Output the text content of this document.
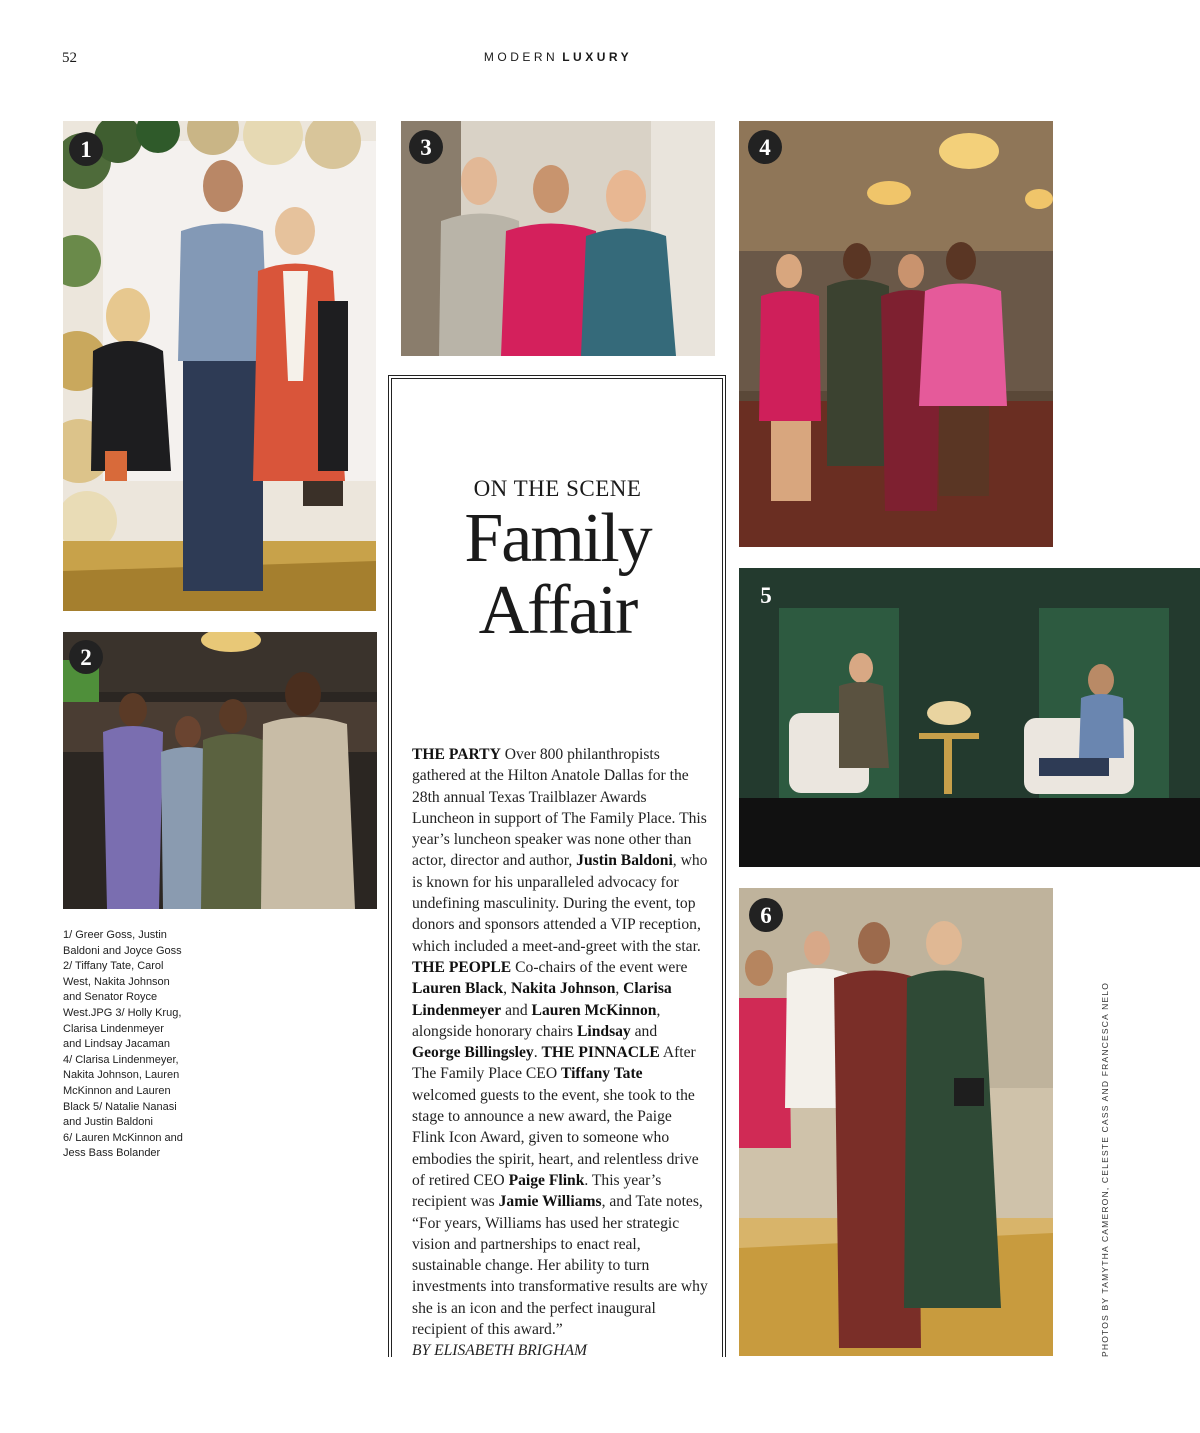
52	MODERN LUXURY
1
2
1/ Greer Goss, Justin
Baldoni and Joyce Goss
2/ Tiffany Tate, Carol
West, Nakita Johnson
and Senator Royce
West.JPG 3/ Holly Krug,
Clarisa Lindenmeyer
and Lindsay Jacaman
4/ Clarisa Lindenmeyer,
Nakita Johnson, Lauren
McKinnon and Lauren
Black 5/ Natalie Nanasi
and Justin Baldoni
6/ Lauren McKinnon and
Jess Bass Bolander
3
ON THE SCENE
Family
Affair
THE PARTY Over 800 philanthropists gathered at the Hilton Anatole Dallas for the 28th annual Texas Trailblazer Awards Luncheon in support of The Family Place. This year’s luncheon speaker was none other than actor, director and author, Justin Baldoni, who is known for his unparalleled advocacy for undefining masculinity. During the event, top donors and sponsors attended a VIP reception, which included a meet-and-greet with the star. THE PEOPLE Co-chairs of the event were Lauren Black, Nakita Johnson, Clarisa Lindenmeyer and Lauren McKinnon, alongside honorary chairs Lindsay and George Billingsley. THE PINNACLE After The Family Place CEO Tiffany Tate welcomed guests to the event, she took to the stage to announce a new award, the Paige Flink Icon Award, given to someone who embodies the spirit, heart, and relentless drive of retired CEO Paige Flink. This year’s recipient was Jamie Williams, and Tate notes, “For years, Williams has used her strategic vision and partnerships to enact real, sustainable change. Her ability to turn investments into transformative results are why she is an icon and the perfect inaugural recipient of this award.”
BY ELISABETH BRIGHAM
4
5
6
PHOTOS BY TAMYTHA CAMERON, CELESTE CASS AND FRANCESCA NELO
